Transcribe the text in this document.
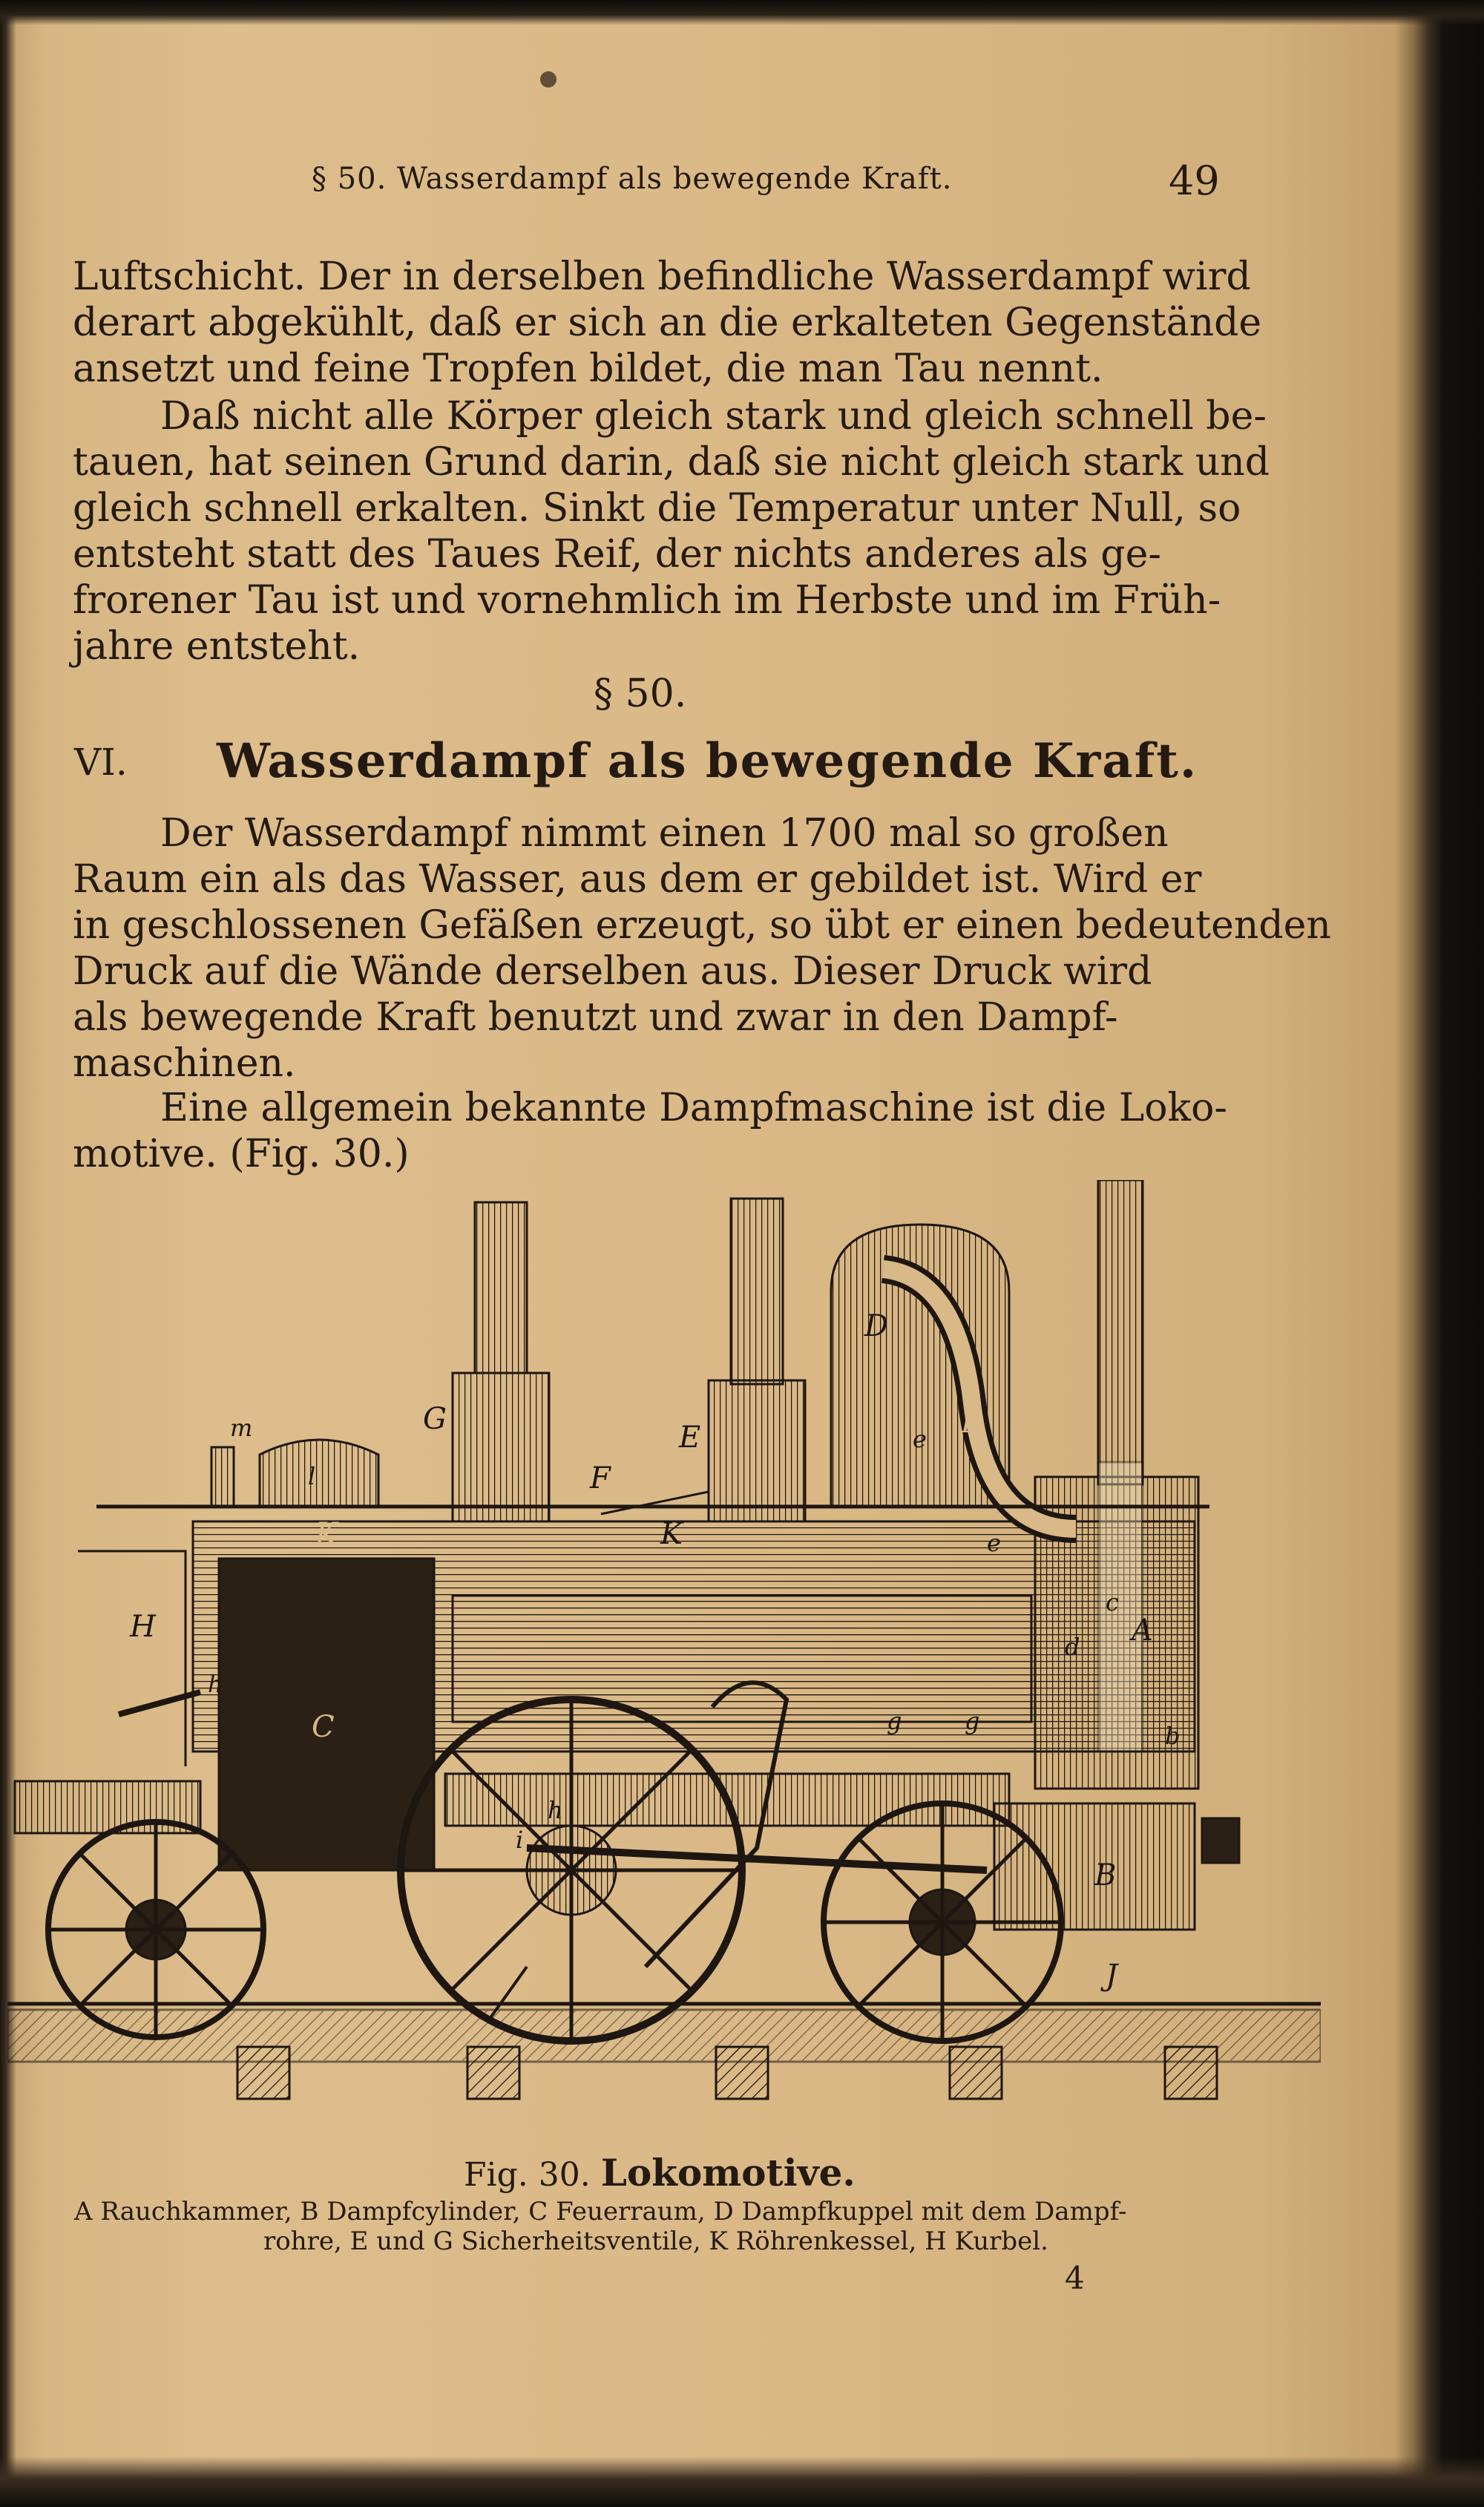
§ 50. Wasserdampf als bewegende Kraft.	49
Luftschicht. Der in derselben befindliche Wasserdampf wird
derart abgekühlt, daß er sich an die erkalteten Gegenstände
ansetzt und feine Tropfen bildet, die man Tau nennt.
Daß nicht alle Körper gleich stark und gleich schnell be-
tauen, hat seinen Grund darin, daß sie nicht gleich stark und
gleich schnell erkalten. Sinkt die Temperatur unter Null, so
entsteht statt des Taues Reif, der nichts anderes als ge-
frorener Tau ist und vornehmlich im Herbste und im Früh-
jahre entsteht.
§ 50.
VI. Wasserdampf als bewegende Kraft.
Der Wasserdampf nimmt einen 1700 mal so großen
Raum ein als das Wasser, aus dem er gebildet ist. Wird er
in geschlossenen Gefäßen erzeugt, so übt er einen bedeutenden
Druck auf die Wände derselben aus. Dieser Druck wird
als bewegende Kraft benutzt und zwar in den Dampf-
maschinen.
Eine allgemein bekannte Dampfmaschine ist die Loko-
motive. (Fig. 30.)
A
B
C
D
D
E
F
G
H
J
K	K
m
l
h
h
i
e
e
c
b
d
g	g
Fig. 30. Lokomotive.
A Rauchkammer, B Dampfcylinder, C Feuerraum, D Dampfkuppel mit dem Dampf-
rohre, E und G Sicherheitsventile, K Röhrenkessel, H Kurbel.
4
